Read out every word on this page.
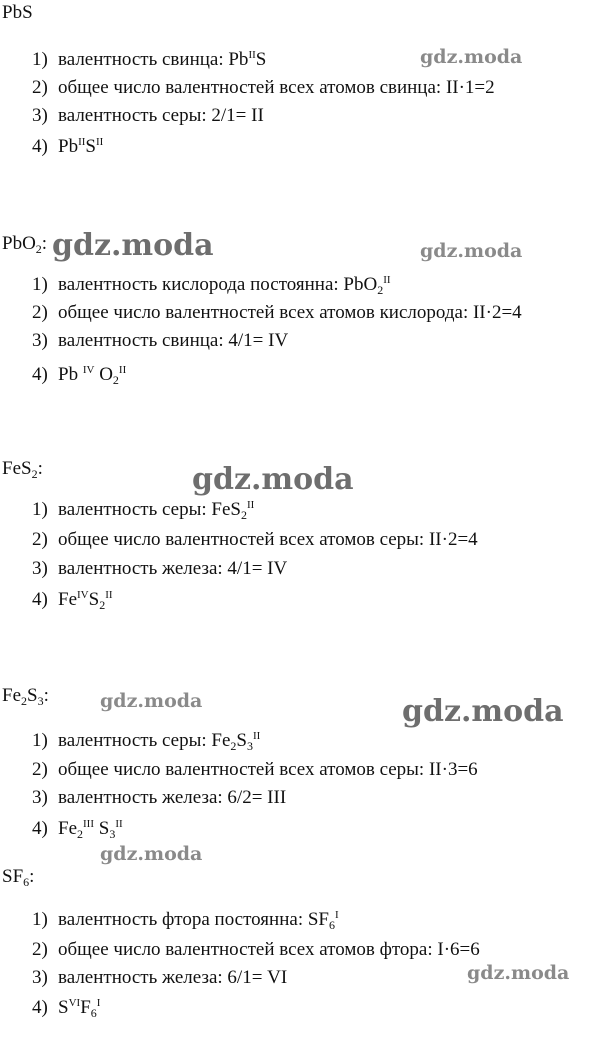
PbS
1) валентность свинца: $Pb^{II}S$
2) общее число валентностей всех атомов свинца: II·1=2
3) валентность серы: 2/1= II
4) $Pb^{II}S^{II}$
PbO$_2$:
1) валентность кислорода постоянна: PbO$_2^{II}$
2) общее число валентностей всех атомов кислорода: II·2=4
3) валентность свинца: 4/1= IV
4) Pb $^{IV}$ $O_2^{II}$
FeS$_2$:
1) валентность серы: FeS$_2^{II}$
2) общее число валентностей всех атомов серы: II·2=4
3) валентность железа: 4/1= IV
4) $Fe^{IV}S_2^{II}$
$Fe_2S_3$:
1) валентность серы: $Fe_2S_3^{II}$
2) общее число валентностей всех атомов серы: II·3=6
3) валентность железа: 6/2= III
4) $Fe_2^{III}$ $S_3^{II}$
$SF_6$:
1) валентность фтора постоянна: $SF_6^I$
2) общее число валентностей всех атомов фтора: I·6=6
3) валентность железа: 6/1= VI
4) $S^{VI}F_6^I$
gdz.moda
gdz.moda	gdz.moda
gdz.moda
gdz.moda	gdz.moda
gdz.moda
gdz.moda
